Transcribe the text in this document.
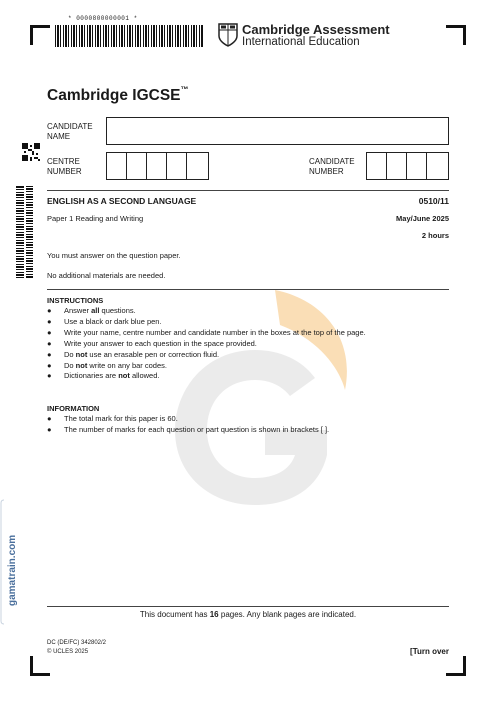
* 0000800000001 *
Cambridge Assessment
International Education
Cambridge IGCSE™
CANDIDATE
NAME
CENTRE
NUMBER
CANDIDATE
NUMBER
ENGLISH AS A SECOND LANGUAGE	0510/11
Paper 1 Reading and Writing	May/June 2025
2 hours
You must answer on the question paper.
No additional materials are needed.
INSTRUCTIONS
● Answer all questions.
● Use a black or dark blue pen.
● Write your name, centre number and candidate number in the boxes at the top of the page.
● Write your answer to each question in the space provided.
● Do not use an erasable pen or correction fluid.
● Do not write on any bar codes.
● Dictionaries are not allowed.
INFORMATION
● The total mark for this paper is 60.
● The number of marks for each question or part question is shown in brackets [ ].
gamatrain.com
This document has 16 pages. Any blank pages are indicated.
DC (DE/FC) 342802/2
© UCLES 2025	[Turn over
